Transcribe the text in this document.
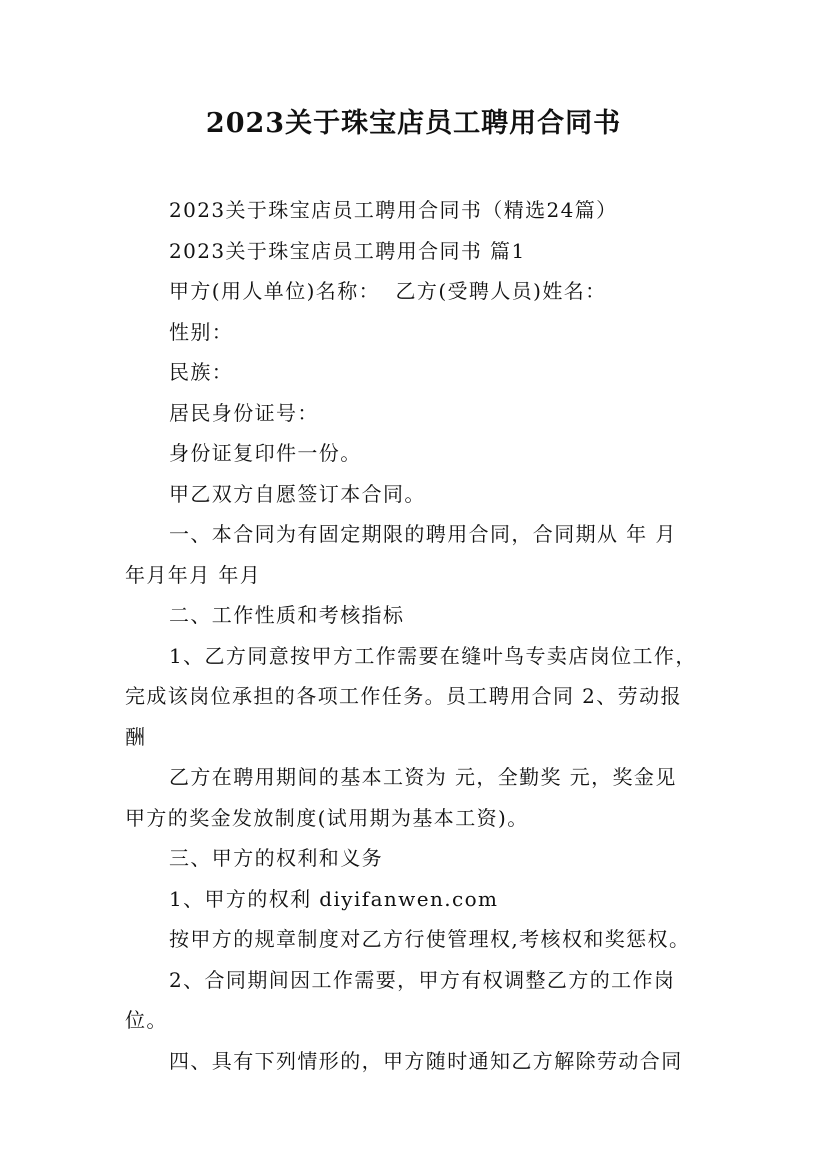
2023关于珠宝店员工聘用合同书

2023关于珠宝店员工聘用合同书（精选24篇）

2023关于珠宝店员工聘用合同书 篇1

甲方(用人单位)名称：  乙方(受聘人员)姓名：

性别：

民族：

居民身份证号：

身份证复印件一份。

甲乙双方自愿签订本合同。

一、本合同为有固定期限的聘用合同，合同期从 年 月

年月年月 年月

二、工作性质和考核指标

1、乙方同意按甲方工作需要在缝叶鸟专卖店岗位工作，

完成该岗位承担的各项工作任务。员工聘用合同 2、劳动报

酬

乙方在聘用期间的基本工资为 元，全勤奖 元，奖金见

甲方的奖金发放制度(试用期为基本工资)。

三、甲方的权利和义务

1、甲方的权利 diyifanwen.com

按甲方的规章制度对乙方行使管理权,考核权和奖惩权。

2、合同期间因工作需要，甲方有权调整乙方的工作岗

位。

四、具有下列情形的，甲方随时通知乙方解除劳动合同
